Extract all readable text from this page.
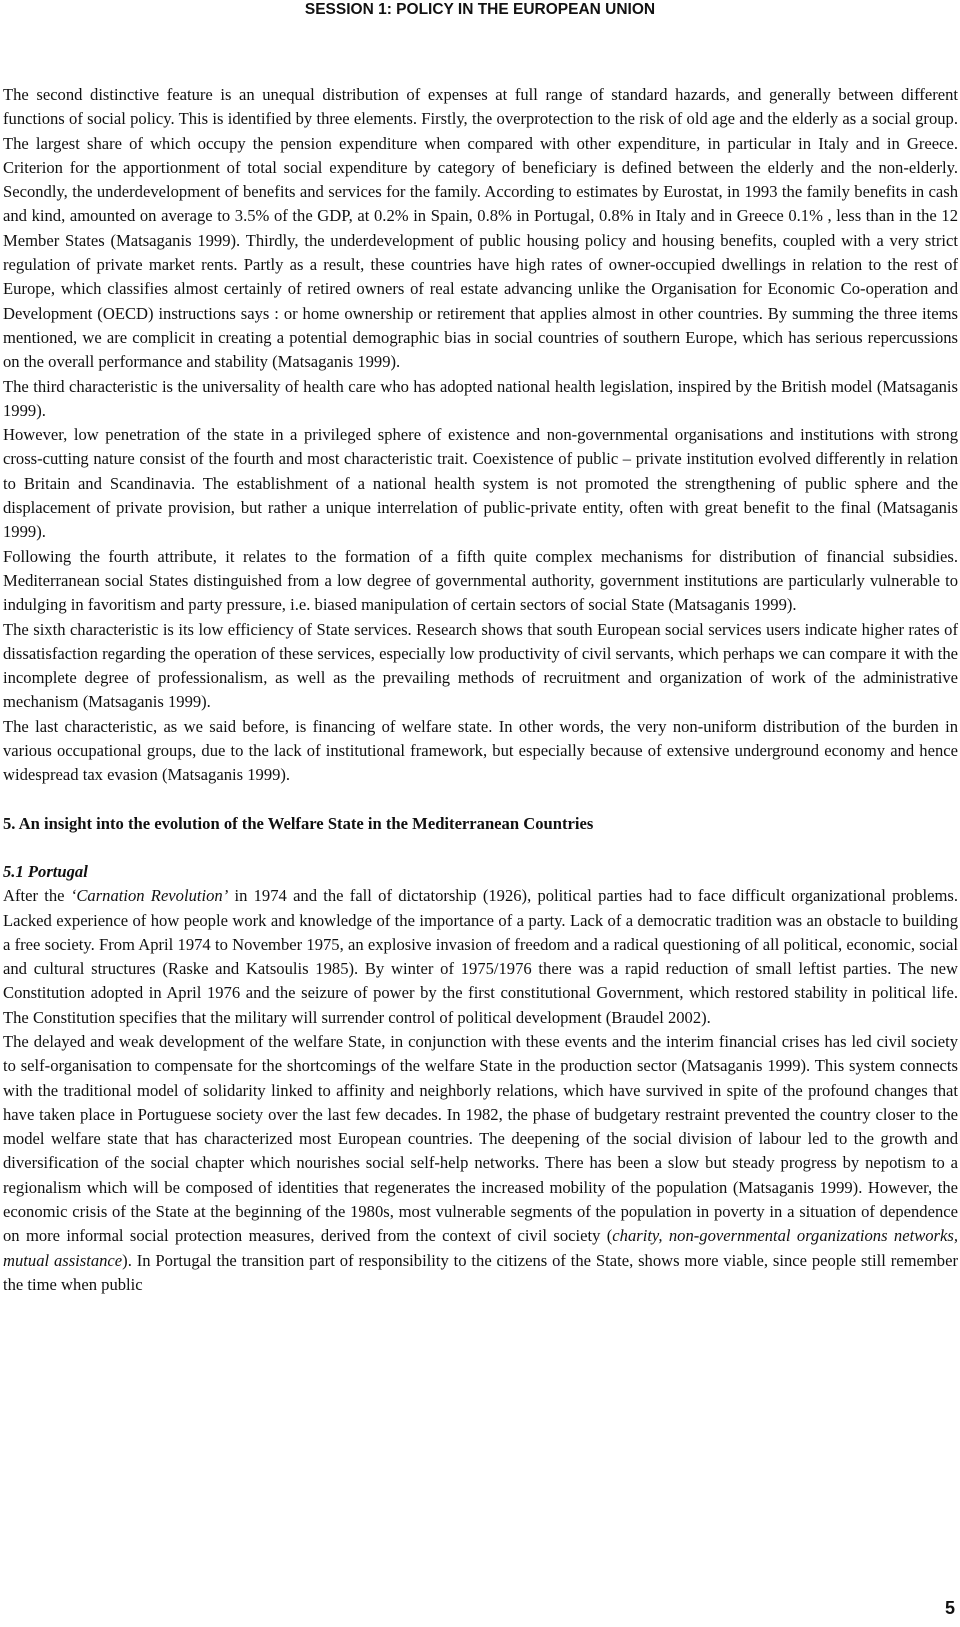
SESSION 1: POLICY IN THE EUROPEAN UNION

The second distinctive feature is an unequal distribution of expenses at full range of standard hazards, and generally between different functions of social policy. This is identified by three elements. Firstly, the overprotection to the risk of old age and the elderly as a social group. The largest share of which occupy the pension expenditure when compared with other expenditure, in particular in Italy and in Greece. Criterion for the apportionment of total social expenditure by category of beneficiary is defined between the elderly and the non-elderly. Secondly, the underdevelopment of benefits and services for the family. According to estimates by Eurostat, in 1993 the family benefits in cash and kind, amounted on average to 3.5% of the GDP, at 0.2% in Spain, 0.8% in Portugal, 0.8% in Italy and in Greece 0.1% , less than in the 12 Member States (Matsaganis 1999). Thirdly, the underdevelopment of public housing policy and housing benefits, coupled with a very strict regulation of private market rents. Partly as a result, these countries have high rates of owner-occupied dwellings in relation to the rest of Europe, which classifies almost certainly of retired owners of real estate advancing unlike the Organisation for Economic Co-operation and Development (OECD) instructions says : or home ownership or retirement that applies almost in other countries. By summing the three items mentioned, we are complicit in creating a potential demographic bias in social countries of southern Europe, which has serious repercussions on the overall performance and stability (Matsaganis 1999).

The third characteristic is the universality of health care who has adopted national health legislation, inspired by the British model (Matsaganis 1999).

However, low penetration of the state in a privileged sphere of existence and non-governmental organisations and institutions with strong cross-cutting nature consist of the fourth and most characteristic trait. Coexistence of public – private institution evolved differently in relation to Britain and Scandinavia. The establishment of a national health system is not promoted the strengthening of public sphere and the displacement of private provision, but rather a unique interrelation of public-private entity, often with great benefit to the final (Matsaganis 1999).

Following the fourth attribute, it relates to the formation of a fifth quite complex mechanisms for distribution of financial subsidies. Mediterranean social States distinguished from a low degree of governmental authority, government institutions are particularly vulnerable to indulging in favoritism and party pressure, i.e. biased manipulation of certain sectors of social State (Matsaganis 1999).

The sixth characteristic is its low efficiency of State services. Research shows that south European social services users indicate higher rates of dissatisfaction regarding the operation of these services, especially low productivity of civil servants, which perhaps we can compare it with the incomplete degree of professionalism, as well as the prevailing methods of recruitment and organization of work of the administrative mechanism (Matsaganis 1999).

The last characteristic, as we said before, is financing of welfare state. In other words, the very non-uniform distribution of the burden in various occupational groups, due to the lack of institutional framework, but especially because of extensive underground economy and hence widespread tax evasion (Matsaganis 1999).

5. An insight into the evolution of the Welfare State in the Mediterranean Countries

5.1 Portugal

After the ‘Carnation Revolution’ in 1974 and the fall of dictatorship (1926), political parties had to face difficult organizational problems. Lacked experience of how people work and knowledge of the importance of a party. Lack of a democratic tradition was an obstacle to building a free society. From April 1974 to November 1975, an explosive invasion of freedom and a radical questioning of all political, economic, social and cultural structures (Raske and Katsoulis 1985). By winter of 1975/1976 there was a rapid reduction of small leftist parties. The new Constitution adopted in April 1976 and the seizure of power by the first constitutional Government, which restored stability in political life. The Constitution specifies that the military will surrender control of political development (Braudel 2002).

The delayed and weak development of the welfare State, in conjunction with these events and the interim financial crises has led civil society to self-organisation to compensate for the shortcomings of the welfare State in the production sector (Matsaganis 1999). This system connects with the traditional model of solidarity linked to affinity and neighborly relations, which have survived in spite of the profound changes that have taken place in Portuguese society over the last few decades. In 1982, the phase of budgetary restraint prevented the country closer to the model welfare state that has characterized most European countries. The deepening of the social division of labour led to the growth and diversification of the social chapter which nourishes social self-help networks. There has been a slow but steady progress by nepotism to a regionalism which will be composed of identities that regenerates the increased mobility of the population (Matsaganis 1999). However, the economic crisis of the State at the beginning of the 1980s, most vulnerable segments of the population in poverty in a situation of dependence on more informal social protection measures, derived from the context of civil society (charity, non-governmental organizations networks, mutual assistance). In Portugal the transition part of responsibility to the citizens of the State, shows more viable, since people still remember the time when public

5
